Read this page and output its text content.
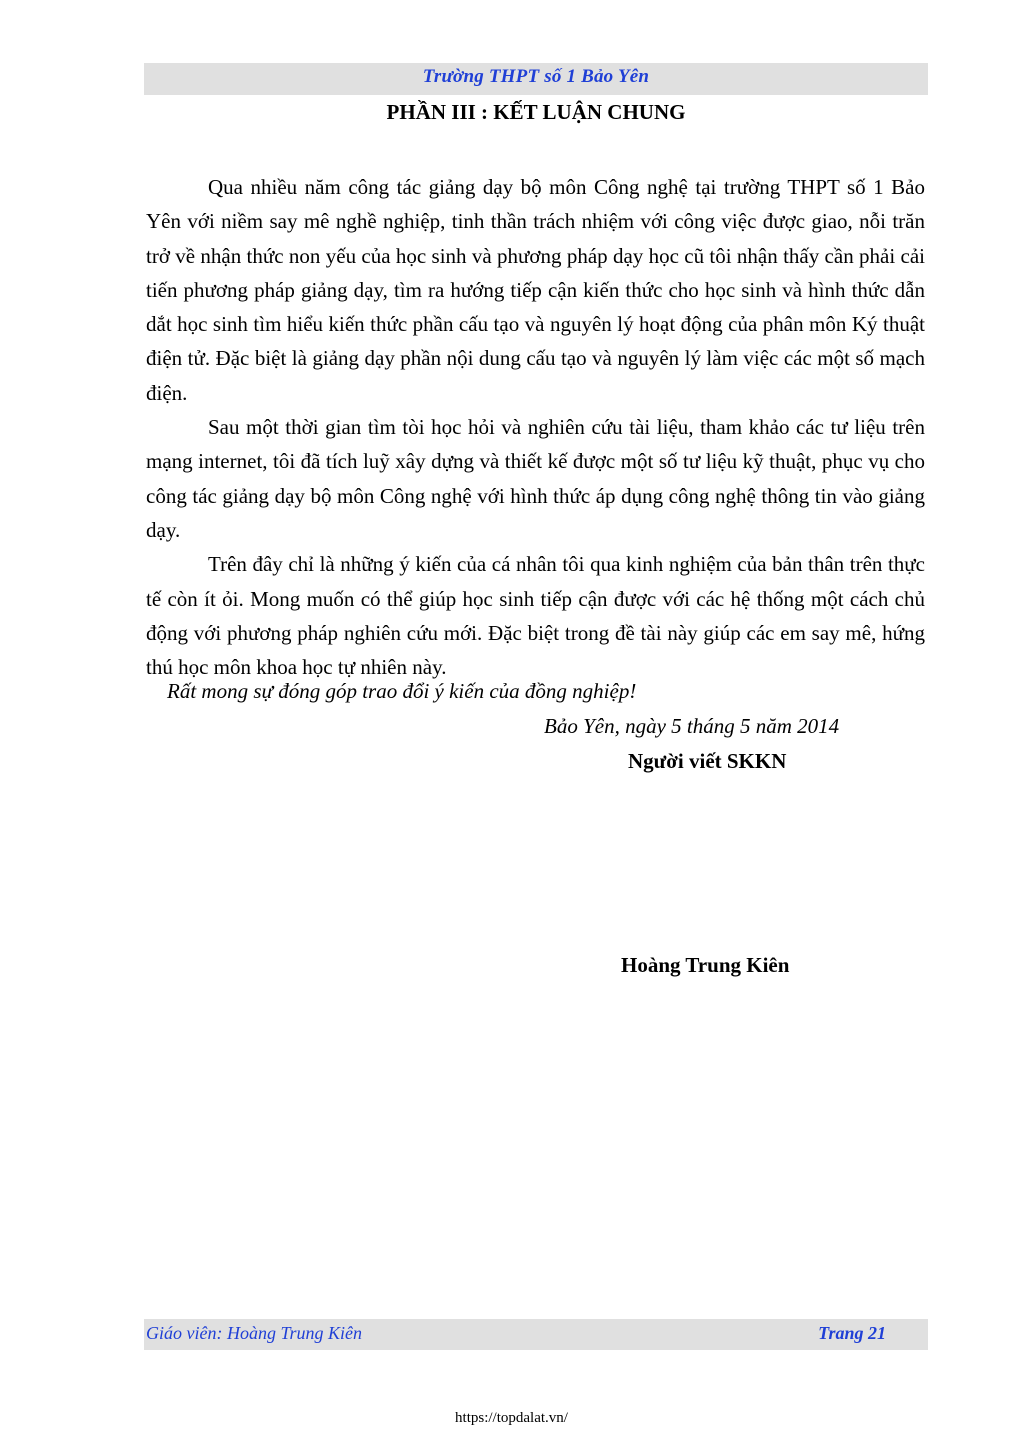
Trường THPT số 1 Bảo Yên
PHẦN III : KẾT LUẬN CHUNG

Qua nhiều năm công tác giảng dạy bộ môn Công nghệ tại trường THPT số 1 Bảo Yên với niềm say mê nghề nghiệp, tinh thần trách nhiệm với công việc được giao, nỗi trăn trở về nhận thức non yếu của học sinh và phương pháp dạy học cũ tôi nhận thấy cần phải cải tiến phương pháp giảng dạy, tìm ra hướng tiếp cận kiến thức cho học sinh và hình thức dẫn dắt học sinh tìm hiểu kiến thức phần cấu tạo và nguyên lý hoạt động của phân môn Ký thuật điện tử. Đặc biệt là giảng dạy phần nội dung cấu tạo và nguyên lý làm việc các một số mạch điện.

Sau một thời gian tìm tòi học hỏi và nghiên cứu tài liệu, tham khảo các tư liệu trên mạng internet, tôi đã tích luỹ xây dựng và thiết kế được một số tư liệu kỹ thuật, phục vụ cho công tác giảng dạy bộ môn Công nghệ với hình thức áp dụng công nghệ thông tin vào giảng dạy.

Trên đây chỉ là những ý kiến của cá nhân tôi qua kinh nghiệm của bản thân trên thực tế còn ít ỏi. Mong muốn có thể giúp học sinh tiếp cận được với các hệ thống một cách chủ động với phương pháp nghiên cứu mới. Đặc biệt trong đề tài này giúp các em say mê, hứng thú học môn khoa học tự nhiên này.

Rất mong sự đóng góp trao đổi ý kiến của đồng nghiệp!
Bảo Yên, ngày 5 tháng 5 năm 2014
Người viết SKKN
Hoàng Trung Kiên
Giáo viên: Hoàng Trung Kiên	Trang 21
https://topdalat.vn/
